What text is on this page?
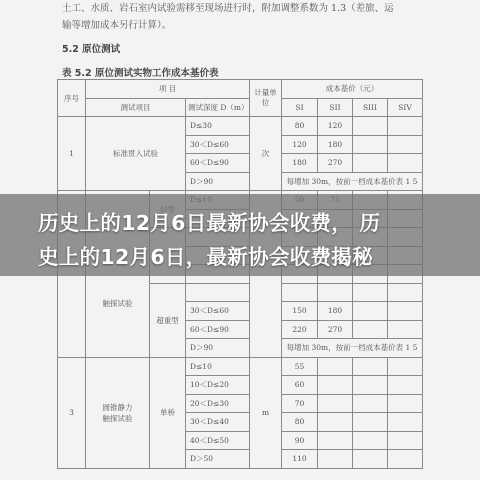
土工、水质、岩石室内试验需移至现场进行时，附加调整系数为 1.3（差旅、运
输等增加成本另行计算）。
5.2 原位测试
表 5.2 原位测试实物工作成本基价表
序号	项 目			计量单位	成本基价（元）			
	测试项目		测试深度 D（m）		SI	SII	SIII	SIV
1	标准贯入试验		D≤30	次	80	120		
			30＜D≤60		120	180		
			60＜D≤90		180	270		
			D＞90		每增加 30m，按前一档成本基价表 1 5			
	触探试验							

		超重型						
			30＜D≤60		150	180		
			60＜D≤90		220	270		
			D＞90		每增加 30m，按前一档成本基价表 1 5			
3	圆锥静力触探试验	单桥	D≤10	m	55			
			10＜D≤20		60			
			20＜D≤30		70			
			30＜D≤40		80			
			40＜D≤50		90			
			D＞50		110			
历史上的12月6日最新协会收费， 历
史上的12月6日，最新协会收费揭秘
